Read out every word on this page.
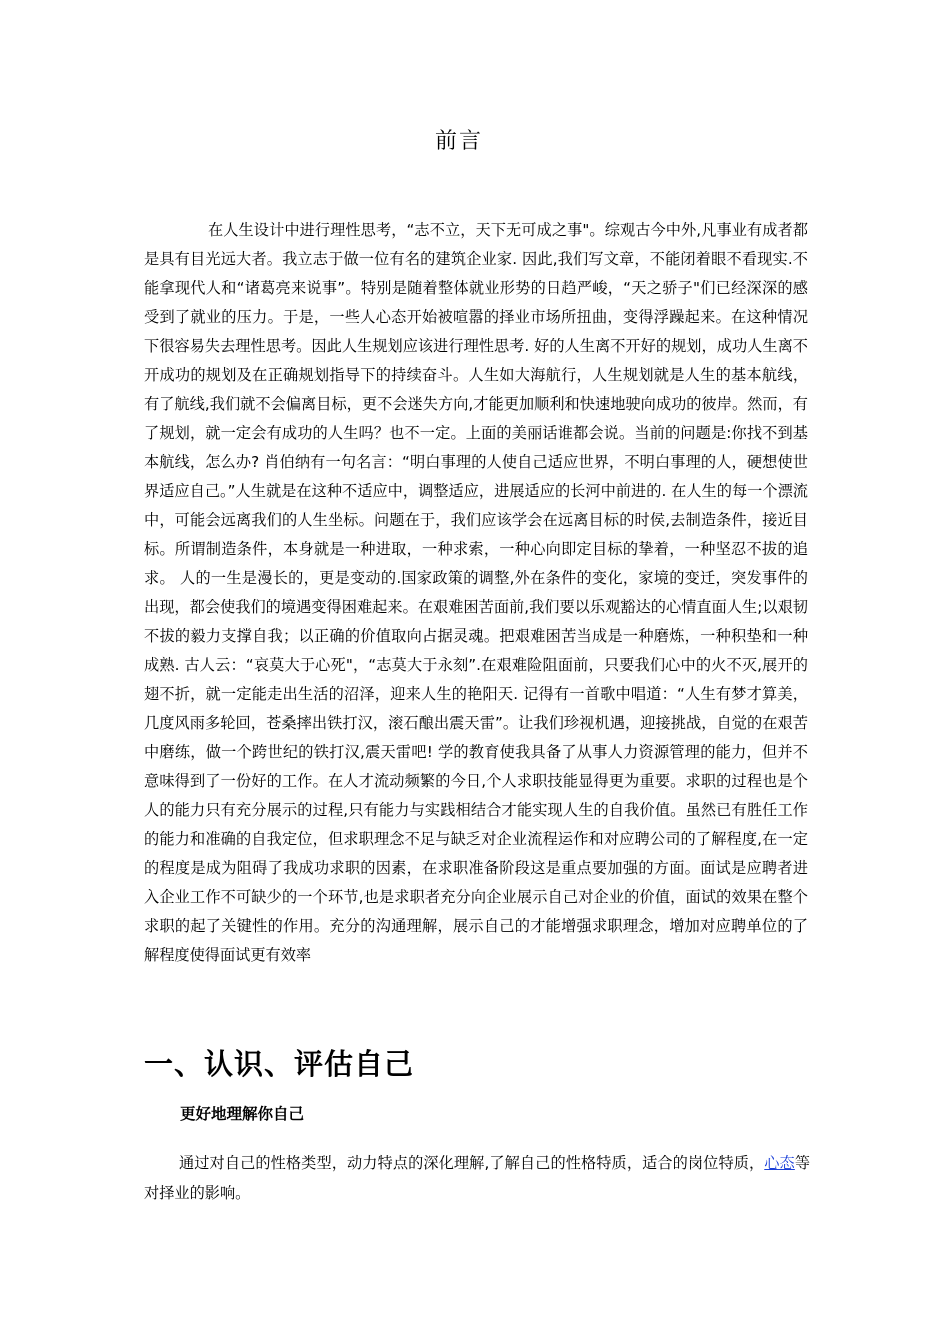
前言

在人生设计中进行理性思考，“志不立，天下无可成之事"。综观古今中外,凡事业有成者都是具有目光远大者。我立志于做一位有名的建筑企业家. 因此,我们写文章，不能闭着眼不看现实.不能拿现代人和“诸葛亮来说事”。特别是随着整体就业形势的日趋严峻，“天之骄子"们已经深深的感受到了就业的压力。于是，一些人心态开始被喧嚣的择业市场所扭曲，变得浮躁起来。在这种情况下很容易失去理性思考。因此人生规划应该进行理性思考. 好的人生离不开好的规划，成功人生离不开成功的规划及在正确规划指导下的持续奋斗。人生如大海航行，人生规划就是人生的基本航线，有了航线,我们就不会偏离目标，更不会迷失方向,才能更加顺利和快速地驶向成功的彼岸。然而，有了规划，就一定会有成功的人生吗？也不一定。上面的美丽话谁都会说。当前的问题是:你找不到基本航线，怎么办? 肖伯纳有一句名言：“明白事理的人使自己适应世界，不明白事理的人，硬想使世界适应自己。”人生就是在这种不适应中，调整适应，进展适应的长河中前进的. 在人生的每一个漂流中，可能会远离我们的人生坐标。问题在于，我们应该学会在远离目标的时侯,去制造条件，接近目标。所谓制造条件，本身就是一种进取，一种求索，一种心向即定目标的挚着，一种坚忍不拔的追求。 人的一生是漫长的，更是变动的.国家政策的调整,外在条件的变化，家境的变迁，突发事件的出现，都会使我们的境遇变得困难起来。在艰难困苦面前,我们要以乐观豁达的心情直面人生;以艰韧不拔的毅力支撑自我；以正确的价值取向占据灵魂。把艰难困苦当成是一种磨炼，一种积垫和一种成熟. 古人云：“哀莫大于心死"，“志莫大于永刻”.在艰难险阻面前，只要我们心中的火不灭,展开的翅不折，就一定能走出生活的沼泽，迎来人生的艳阳天. 记得有一首歌中唱道：“人生有梦才算美，几度风雨多轮回，苍桑摔出铁打汉，滚石酿出震天雷”。让我们珍视机遇，迎接挑战，自觉的在艰苦中磨练，做一个跨世纪的铁打汉,震天雷吧! 学的教育使我具备了从事人力资源管理的能力，但并不意味得到了一份好的工作。在人才流动频繁的今日,个人求职技能显得更为重要。求职的过程也是个人的能力只有充分展示的过程,只有能力与实践相结合才能实现人生的自我价值。虽然已有胜任工作的能力和准确的自我定位，但求职理念不足与缺乏对企业流程运作和对应聘公司的了解程度,在一定的程度是成为阻碍了我成功求职的因素，在求职准备阶段这是重点要加强的方面。面试是应聘者进入企业工作不可缺少的一个环节,也是求职者充分向企业展示自己对企业的价值，面试的效果在整个求职的起了关键性的作用。充分的沟通理解，展示自己的才能增强求职理念，增加对应聘单位的了解程度使得面试更有效率

一、认识、评估自己
更好地理解你自己

通过对自己的性格类型，动力特点的深化理解,了解自己的性格特质，适合的岗位特质，心态等对择业的影响。
